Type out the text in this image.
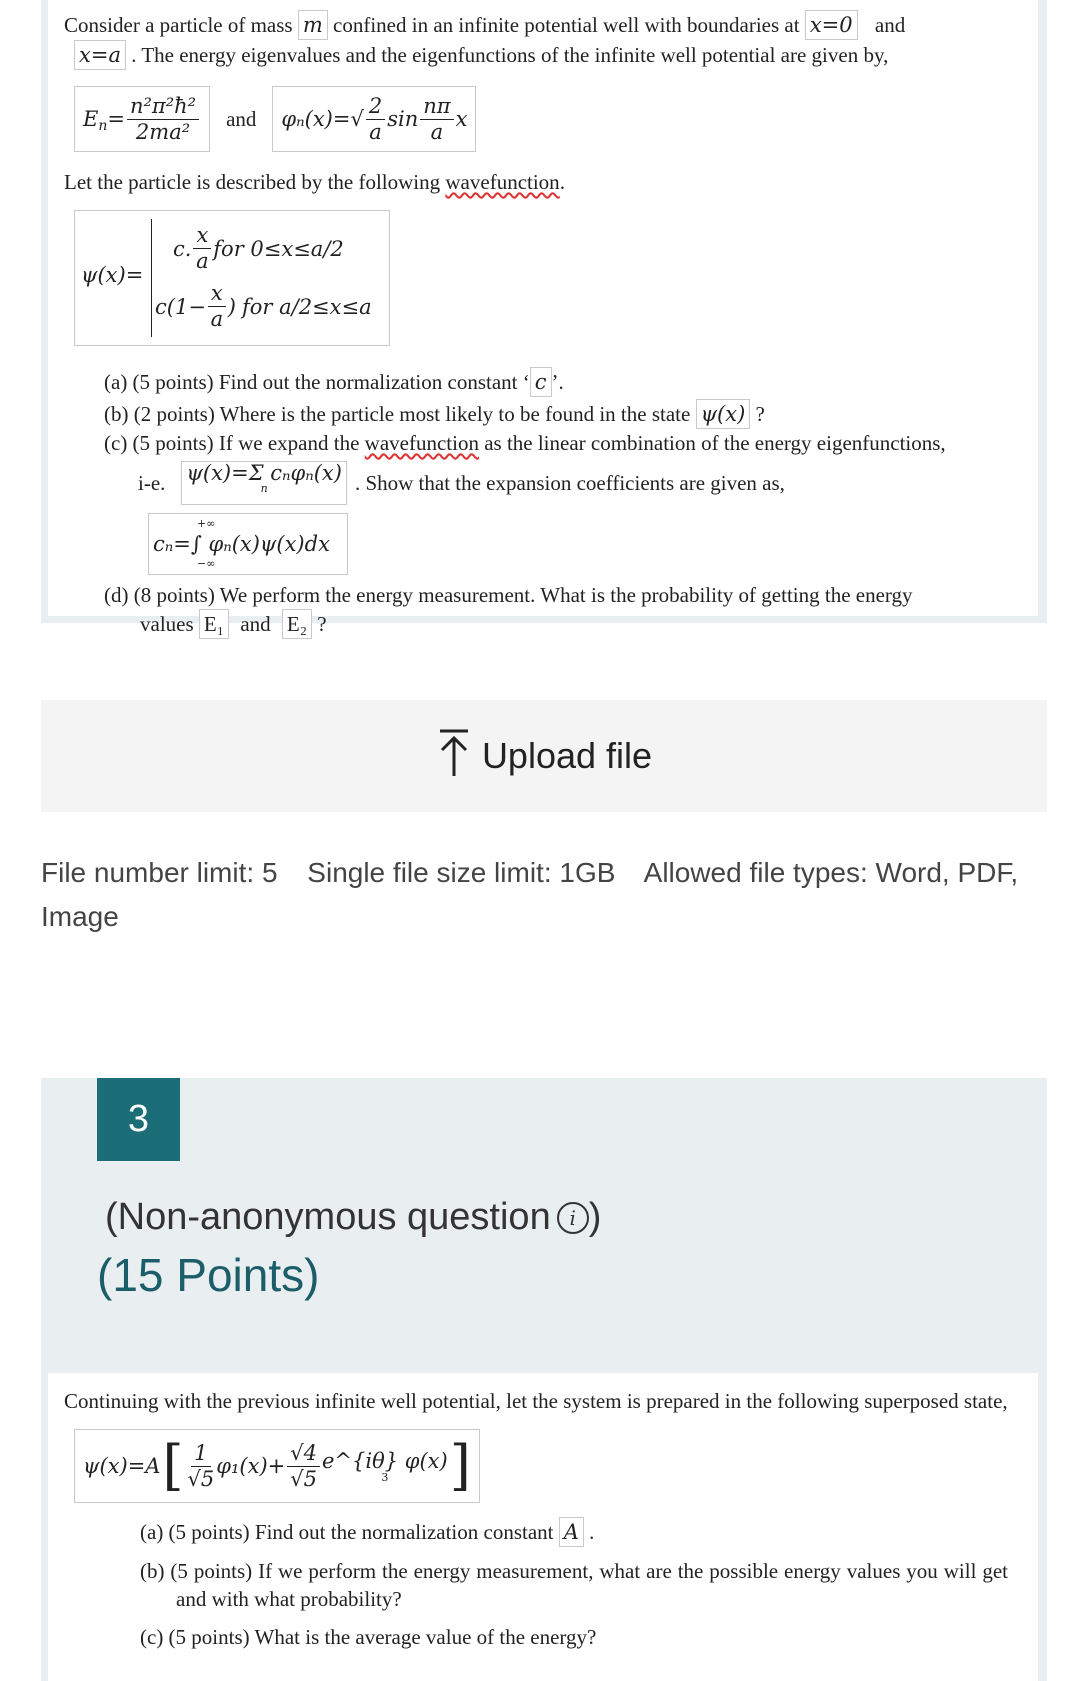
Consider a particle of mass m confined in an infinite potential well with boundaries at x=0 and
x=a . The energy eigenvalues and the eigenfunctions of the infinite well potential are given by,
E $n = \frac{\text{n²π²ħ²}}{\text{2ma²}}$ and $\varphi_n(x)=√ \frac{2}{a}$ $\sin \frac{n\pi}{a}$ x
Let the particle is described by the following wavefunction.
ψ(x)=
c. $\frac{x}{a}$ for 0≤x≤a/2
$c(1- \frac{x}{a}$ ) for a/2≤x≤a
(a) (5 points) Find out the normalization constant ‘ c ’.
(b) (2 points) Where is the particle most likely to be found in the state ψ(x) ?
(c) (5 points) If we expand the wavefunction as the linear combination of the energy eigenfunctions,
i-e. ψ(x)=Σ cₙφₙ(x)
n	. Show that the expansion coefficients are given as,
+∞
cₙ=∫ φₙ(x)ψ(x)dx
−∞
(d) (8 points) We perform the energy measurement. What is the probability of getting the energy
values E₁ and E₂ ?
Upload file
File number limit: 5 Single file size limit: 1GB Allowed file types: Word, PDF, Image
3
(Non-anonymous question i )
(15 Points)
Continuing with the previous infinite well potential, let the system is prepared in the following superposed state,
ψ(x)=A [ $\frac{1}{√5} \varphi_1(x)+ \frac{√4}{√5}$ e^{iθ} φ(x)
3 ]
(a) (5 points) Find out the normalization constant A .
(b) (5 points) If we perform the energy measurement, what are the possible energy values you will get and with what probability?
(c) (5 points) What is the average value of the energy?
